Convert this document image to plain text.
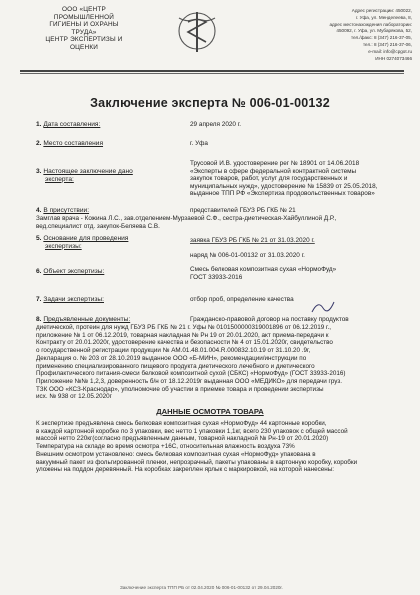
ООО «ЦЕНТР
ПРОМЫШЛЕННОЙ
ГИГИЕНЫ И ОХРАНЫ
ТРУДА»
ЦЕНТР ЭКСПЕРТИЗЫ И
ОЦЕНКИ
Адрес регистрации: 450022,
г. Уфа, ул. Менделеева, 8,
адрес местонахождения лаборатории:
450092, г. Уфа, ул. Мубарякова, 52,
тел./факс: 8 (347) 216-37-05,
тел.: 8 (347) 216-37-06,
e-mail: info@cpgot.ru
ИНН 0274073466
Заключение эксперта № 006-01-00132
1. Дата составления:	29 апреля 2020 г.
2. Место составления	г. Уфа
3. Настоящее заключение дано
эксперта:
Трусовой И.В. удостоверение рег № 18901 от 14.06.2018
«Эксперты в сфере федеральной контрактной системы
закупок товаров, работ, услуг для государственных и
муниципальных нужд», удостоверение № 15839 от 25.05.2018,
выданное ТПП РФ «Экспертиза продовольственных товаров»
4. В присутствии:	представителей ГБУЗ РБ ГКБ № 21
Замглав врача - Кожина Л.С., зав.отделением-Мурзаевой С.Ф., сестра-диетическая-Хайбуллиной Д.Р.,
вед.специалист отд. закупок-Беляева С.В.
5. Основание для проведения
экспертизы:
заявка ГБУЗ РБ ГКБ № 21 от 31.03.2020 г.
наряд № 006-01-00132 от 31.03.2020 г.
6. Объект экспертизы:	Смесь белковая композитная сухая «НормоФуд»
ГОСТ 33933-2016
7. Задачи экспертизы:	отбор проб, определение качества
8. Предъявленные документы:	Гражданско-правовой договор на поставку продуктов
диетической, протеин для нужд ГБУЗ РБ ГКБ № 21 г. Уфы № 0101500000319001896 от 06.12.2019 г.,
приложение № 1 от 06.12.2019, товарная накладная № Рн 19 от 20.01.2020, акт приема-передачи к
Контракту от 20.01.2020г, удостоверение качества и безопасности № 4 от 15.01.2020г, свидетельство
о государственной регистрации продукции № AM.01.48.01.004.R.000832.10.19 от 31.10.20 .9г,
Декларация о. № 203 от 28.10.2019 выданное ООО «Б-МИН», рекомендации/инструкции по
применению специализированного пищевого продукта диетического лечебного и диетического
Профилактического питания-смеси белковой композитной сухой (СБКС) «НормоФуд» (ГОСТ 33933-2016)
Приложение №№ 1,2,3, доверенность б/н от 18.12.2019г выданная ООО «МЕДИКО» для передачи груз.
ТЗК ООО «КСЗ-Краснодар», уполномочие об участии в приемке товара и проведении экспертизы
исх. № 938 от 12.05.2020г
ДАННЫЕ ОСМОТРА ТОВАРА
К экспертизе предъявлена смесь белковая композитная сухая «НормоФуд» 44 картонные коробки,
в каждой картонной коробке по 3 упаковки, вес нетто 1 упаковки 1,1кг, всего 230 упаковок с общей массой
массой нетто 220кг(согласно предъявленным данным, товарной накладной № Рн-19 от 20.01.2020)
Температура на складе во время осмотра +16С, относительная влажность воздуха 73%
Внешним осмотром установлено: смесь белковая композитная сухая «НормоФуд» упакована в
вакуумный пакет из фольгированной пленки, непрозрачный, пакеты упакованы в картонную коробку, коробки
уложены на поддон деревянный. На коробках закреплен ярлык с маркировкой, на которой нанесены:
Заключение эксперта ТПП РБ от 02.04.2020 № 006-01-00132 от 29.04.2020г.
